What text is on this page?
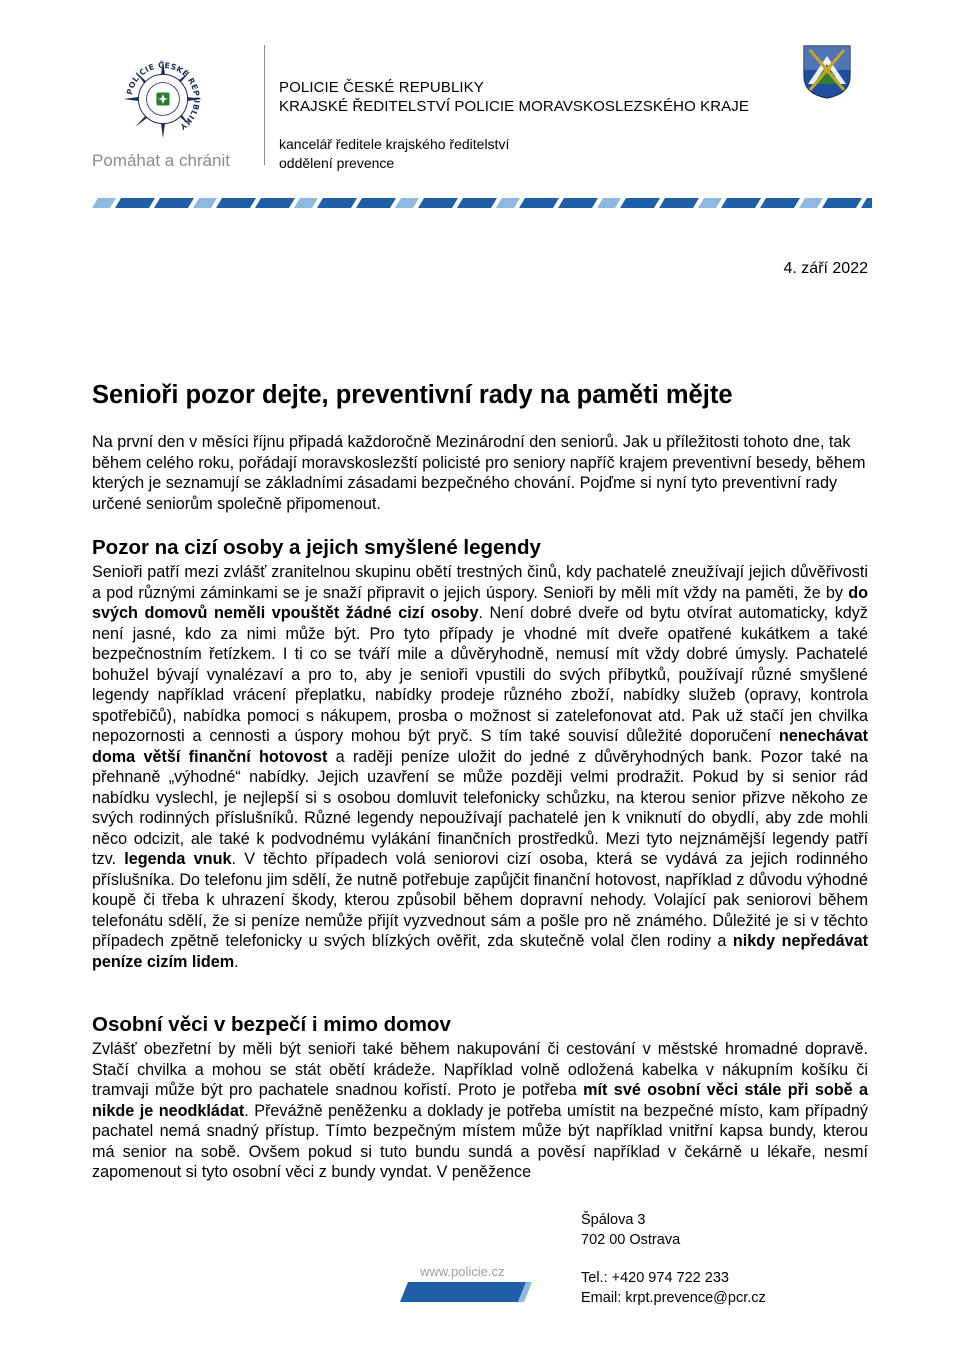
POLICIE ČESKÉ REPUBLIKY
Pomáhat a chránit
POLICIE ČESKÉ REPUBLIKY
KRAJSKÉ ŘEDITELSTVÍ POLICIE MORAVSKOSLEZSKÉHO KRAJE
kancelář ředitele krajského ředitelství
oddělení prevence
4. září 2022
Senioři pozor dejte, preventivní rady na paměti mějte

Na první den v měsíci říjnu připadá každoročně Mezinárodní den seniorů. Jak u příležitosti tohoto dne, tak během celého roku, pořádají moravskoslezští policisté pro seniory napříč krajem preventivní besedy, během kterých je seznamují se základními zásadami bezpečného chování. Pojďme si nyní tyto preventivní rady určené seniorům společně připomenout.

Pozor na cizí osoby a jejich smyšlené legendy

Senioři patří mezi zvlášť zranitelnou skupinu obětí trestných činů, kdy pachatelé zneužívají jejich důvěřivosti a pod různými záminkami se je snaží připravit o jejich úspory. Senioři by měli mít vždy na paměti, že by do svých domovů neměli vpouštět žádné cizí osoby. Není dobré dveře od bytu otvírat automaticky, když není jasné, kdo za nimi může být. Pro tyto případy je vhodné mít dveře opatřené kukátkem a také bezpečnostním řetízkem. I ti co se tváří mile a důvěryhodně, nemusí mít vždy dobré úmysly. Pachatelé bohužel bývají vynalézaví a pro to, aby je senioři vpustili do svých příbytků, používají různé smyšlené legendy například vrácení přeplatku, nabídky prodeje různého zboží, nabídky služeb (opravy, kontrola spotřebičů), nabídka pomoci s nákupem, prosba o možnost si zatelefonovat atd. Pak už stačí jen chvilka nepozornosti a cennosti a úspory mohou být pryč. S tím také souvisí důležité doporučení nenechávat doma větší finanční hotovost a raději peníze uložit do jedné z důvěryhodných bank. Pozor také na přehnaně „výhodné“ nabídky. Jejich uzavření se může později velmi prodražit. Pokud by si senior rád nabídku vyslechl, je nejlepší si s osobou domluvit telefonicky schůzku, na kterou senior přizve někoho ze svých rodinných příslušníků. Různé legendy nepoužívají pachatelé jen k vniknutí do obydlí, aby zde mohli něco odcizit, ale také k podvodnému vylákání finančních prostředků. Mezi tyto nejznámější legendy patří tzv. legenda vnuk. V těchto případech volá seniorovi cizí osoba, která se vydává za jejich rodinného příslušníka. Do telefonu jim sdělí, že nutně potřebuje zapůjčit finanční hotovost, například z důvodu výhodné koupě či třeba k uhrazení škody, kterou způsobil během dopravní nehody. Volající pak seniorovi během telefonátu sdělí, že si peníze nemůže přijít vyzvednout sám a pošle pro ně známého. Důležité je si v těchto případech zpětně telefonicky u svých blízkých ověřit, zda skutečně volal člen rodiny a nikdy nepředávat peníze cizím lidem.

Osobní věci v bezpečí i mimo domov

Zvlášť obezřetní by měli být senioři také během nakupování či cestování v městské hromadné dopravě. Stačí chvilka a mohou se stát obětí krádeže. Například volně odložená kabelka v nákupním košíku či tramvaji může být pro pachatele snadnou kořistí. Proto je potřeba mít své osobní věci stále při sobě a nikde je neodkládat. Převážně peněženku a doklady je potřeba umístit na bezpečné místo, kam případný pachatel nemá snadný přístup. Tímto bezpečným místem může být například vnitřní kapsa bundy, kterou má senior na sobě. Ovšem pokud si tuto bundu sundá a pověsí například v čekárně u lékaře, nesmí zapomenout si tyto osobní věci z bundy vyndat. V peněžence

www.policie.cz
Špálova 3
702 00 Ostrava
Tel.: +420 974 722 233
Email: krpt.prevence@pcr.cz
